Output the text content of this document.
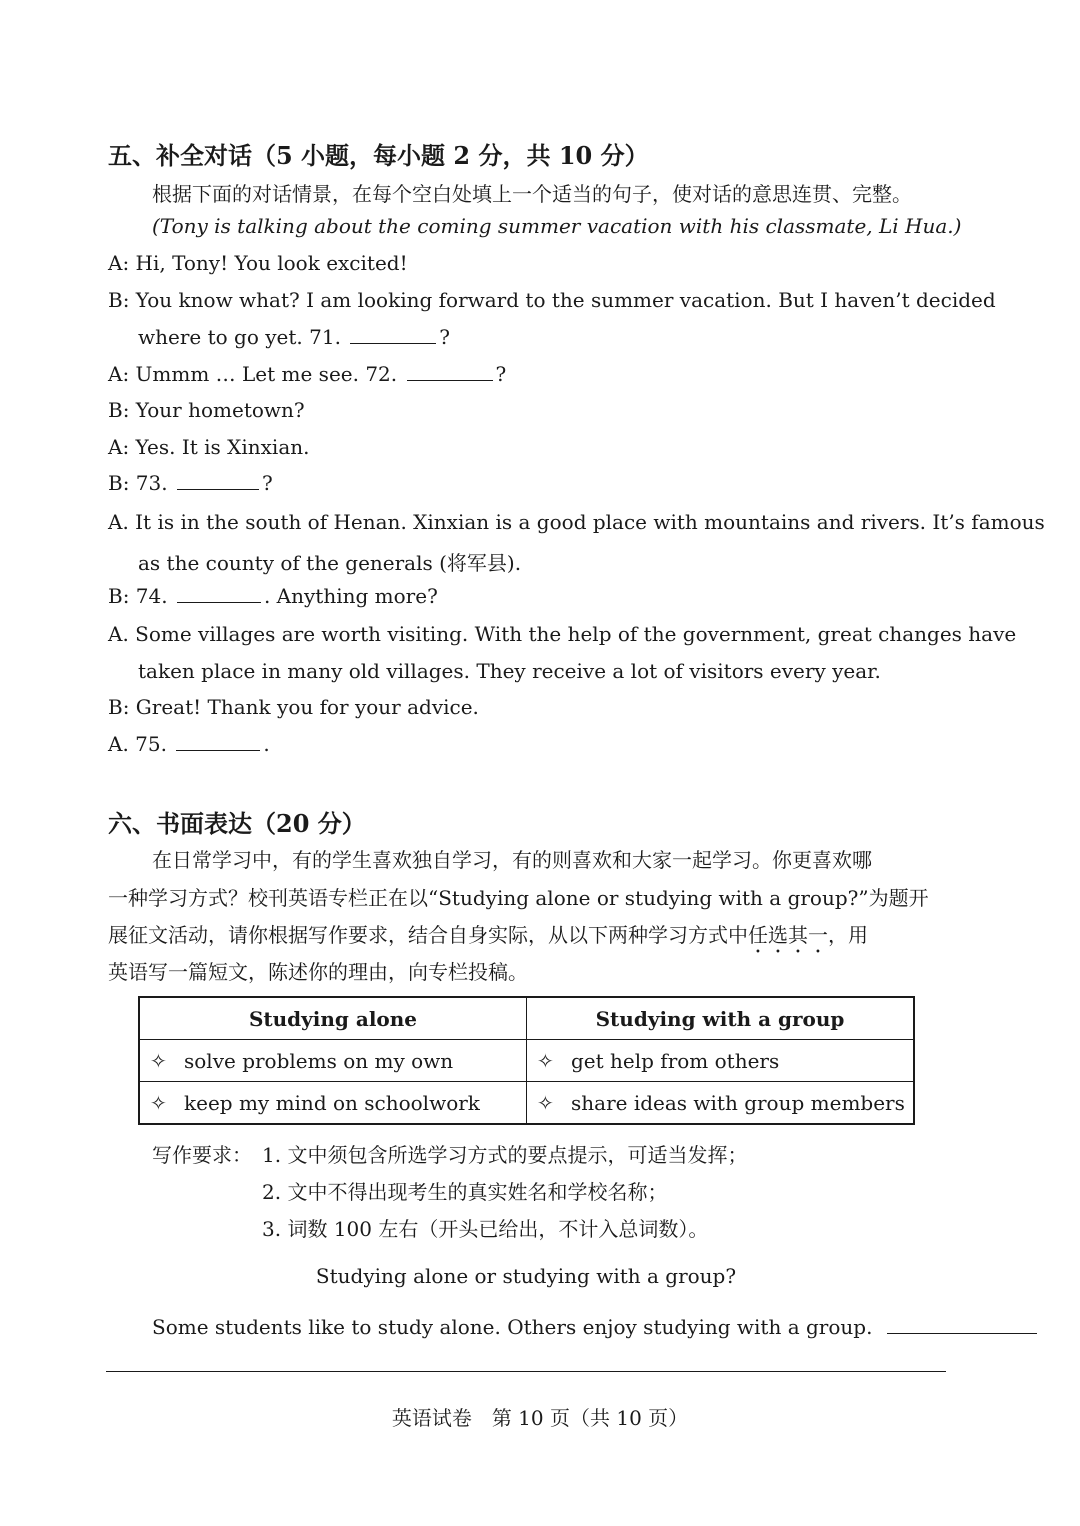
五、补全对话（5 小题，每小题 2 分，共 10 分）
根据下面的对话情景，在每个空白处填上一个适当的句子，使对话的意思连贯、完整。
(Tony is talking about the coming summer vacation with his classmate, Li Hua.)
A: Hi, Tony! You look excited!
B: You know what? I am looking forward to the summer vacation. But I haven’t decided
where to go yet. 71.	?
A: Ummm … Let me see. 72.	?
B: Your hometown?
A: Yes. It is Xinxian.
B: 73.	?
A. It is in the south of Henan. Xinxian is a good place with mountains and rivers. It’s famous
as the county of the generals (将军县).
B: 74.	. Anything more?
A. Some villages are worth visiting. With the help of the government, great changes have
taken place in many old villages. They receive a lot of visitors every year.
B: Great! Thank you for your advice.
A. 75.	.
六、书面表达（20 分）
在日常学习中，有的学生喜欢独自学习，有的则喜欢和大家一起学习。你更喜欢哪
一种学习方式？校刊英语专栏正在以“Studying alone or studying with a group?”为题开
展征文活动，请你根据写作要求，结合自身实际，从以下两种学习方式中任选其一，用
英语写一篇短文，陈述你的理由，向专栏投稿。
Studying alone	Studying with a group
✧ solve problems on my own	✧ get help from others
✧ keep my mind on schoolwork	✧ share ideas with group members
写作要求： 1. 文中须包含所选学习方式的要点提示，可适当发挥；
2. 文中不得出现考生的真实姓名和学校名称；
3. 词数 100 左右（开头已给出，不计入总词数）。
Studying alone or studying with a group?
Some students like to study alone. Others enjoy studying with a group.
英语试卷　第 10 页（共 10 页）
